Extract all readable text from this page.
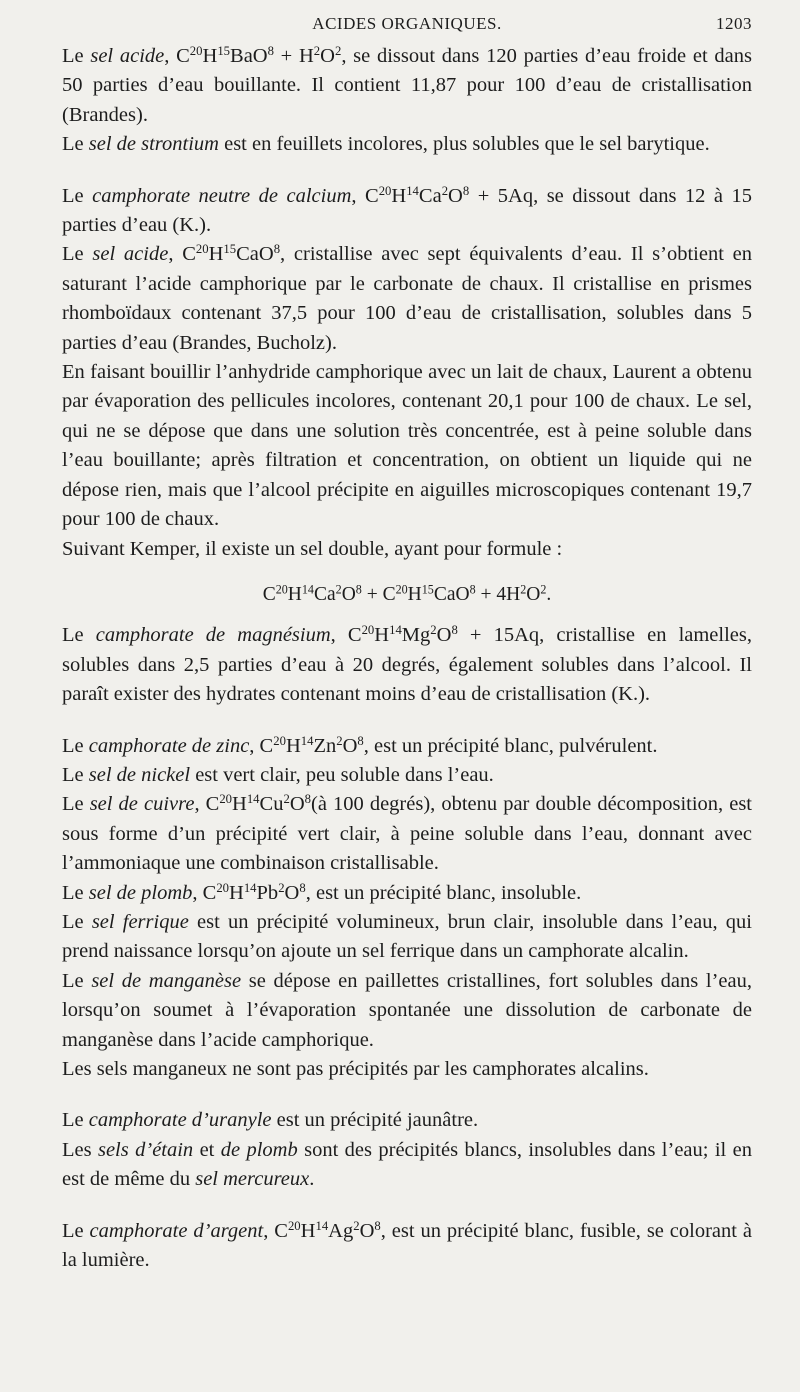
ACIDES ORGANIQUES.	1203

Le sel acide, $C^{20}H^{15}BaO^8 + H^2O^2$, se dissout dans 120 parties d’eau froide et dans 50 parties d’eau bouillante. Il contient 11,87 pour 100 d’eau de cristallisation (Brandes).

Le sel de strontium est en feuillets incolores, plus solubles que le sel barytique.

Le camphorate neutre de calcium, $C^{20}H^{14}Ca^2O^8 + 5Aq$, se dissout dans 12 à 15 parties d’eau (K.).

Le sel acide, $C^{20}H^{15}CaO^8$, cristallise avec sept équivalents d’eau. Il s’obtient en saturant l’acide camphorique par le carbonate de chaux. Il cristallise en prismes rhomboïdaux contenant 37,5 pour 100 d’eau de cristallisation, solubles dans 5 parties d’eau (Brandes, Bucholz).

En faisant bouillir l’anhydride camphorique avec un lait de chaux, Laurent a obtenu par évaporation des pellicules incolores, contenant 20,1 pour 100 de chaux. Le sel, qui ne se dépose que dans une solution très concentrée, est à peine soluble dans l’eau bouillante; après filtration et concentration, on obtient un liquide qui ne dépose rien, mais que l’alcool précipite en aiguilles microscopiques contenant 19,7 pour 100 de chaux.

Suivant Kemper, il existe un sel double, ayant pour formule :

$C^{20}H^{14}Ca^2O^8 + C^{20}H^{15}CaO^8 + 4H^2O^2$.

Le camphorate de magnésium, $C^{20}H^{14}Mg^2O^8 + 15Aq$, cristallise en lamelles, solubles dans 2,5 parties d’eau à 20 degrés, également solubles dans l’alcool. Il paraît exister des hydrates contenant moins d’eau de cristallisation (K.).

Le camphorate de zinc, $C^{20}H^{14}Zn^2O^8$, est un précipité blanc, pulvérulent.

Le sel de nickel est vert clair, peu soluble dans l’eau.

Le sel de cuivre, $C^{20}H^{14}Cu^2O^8(à$ 100 degrés), obtenu par double décomposition, est sous forme d’un précipité vert clair, à peine soluble dans l’eau, donnant avec l’ammoniaque une combinaison cristallisable.

Le sel de plomb, $C^{20}H^{14}Pb^2O^8$, est un précipité blanc, insoluble.

Le sel ferrique est un précipité volumineux, brun clair, insoluble dans l’eau, qui prend naissance lorsqu’on ajoute un sel ferrique dans un camphorate alcalin.

Le sel de manganèse se dépose en paillettes cristallines, fort solubles dans l’eau, lorsqu’on soumet à l’évaporation spontanée une dissolution de carbonate de manganèse dans l’acide camphorique.

Les sels manganeux ne sont pas précipités par les camphorates alcalins.

Le camphorate d’uranyle est un précipité jaunâtre.

Les sels d’étain et de plomb sont des précipités blancs, insolubles dans l’eau; il en est de même du sel mercureux.

Le camphorate d’argent, $C^{20}H^{14}Ag^2O^8$, est un précipité blanc, fusible, se colorant à la lumière.
